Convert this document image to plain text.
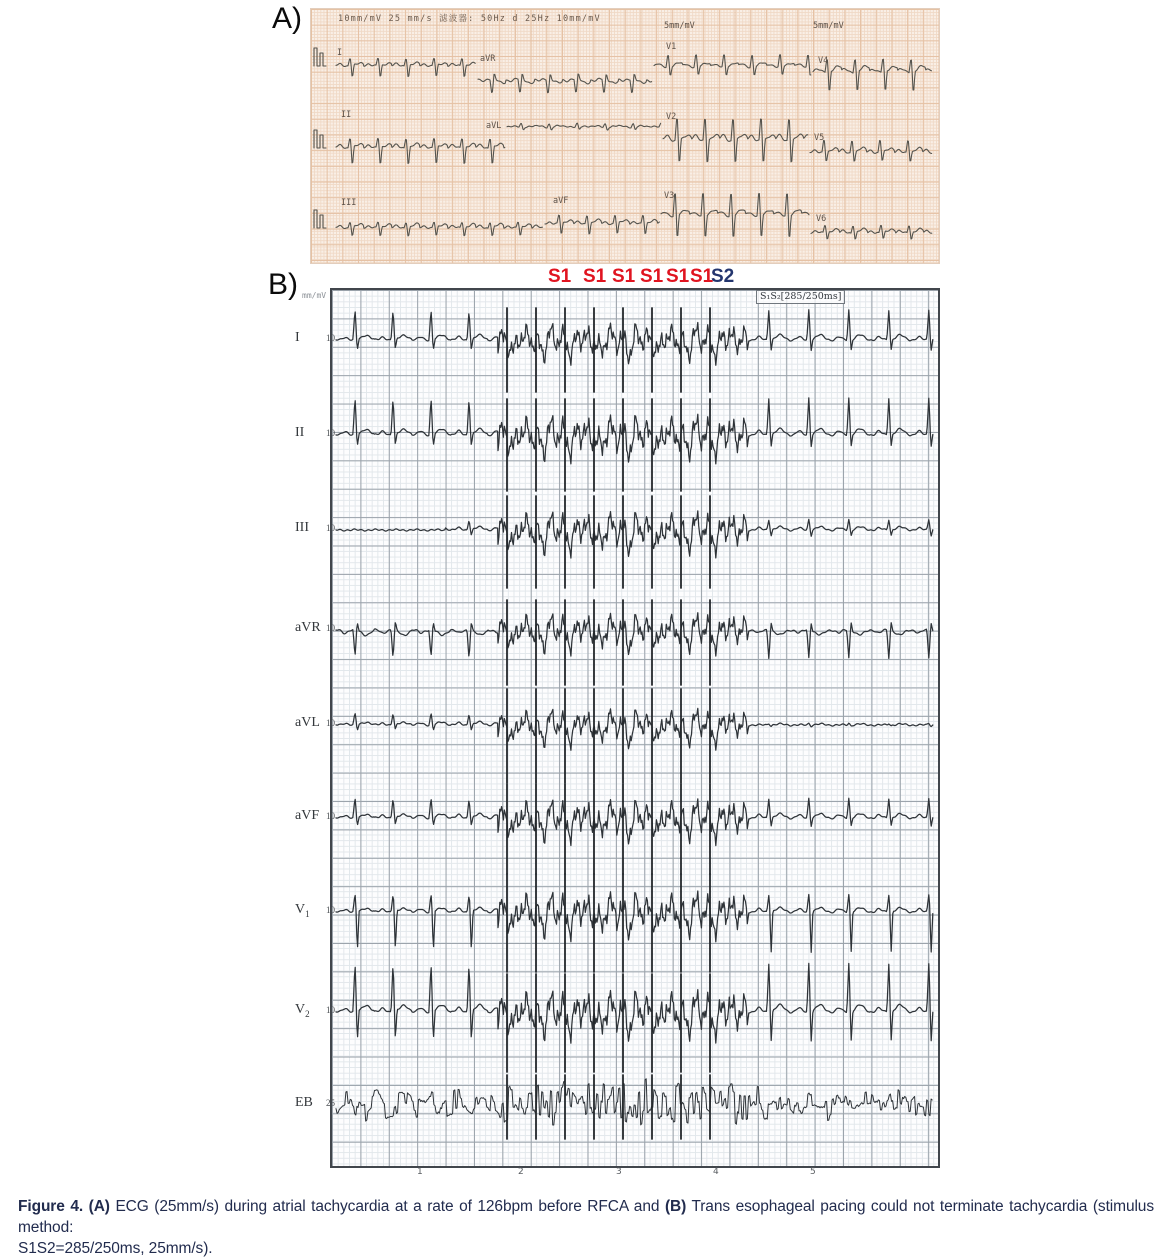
A)	10mm/mV 25 mm/s 滤波器: 50Hz d 25Hz 10mm/mV
5mm/mV	5mm/mV
I
aVR
V1
V4
II
aVL
V2
V5
III	aVF	V3
V6
B) mm/mV
S1 S1 S1 S1 S1 S1
S2
S₁S₂[285/250ms]
I	10
II 10
III 10
aVR 10
aVL 10
aVF 10
$V_1$ 10
$V_2$ 10
EB 25
1	2	3	4	5
Figure 4. (A) ECG (25mm/s) during atrial tachycardia at a rate of 126bpm before RFCA and (B) Trans esophageal pacing could not terminate tachycardia (stimulus method:
S1S2=285/250ms, 25mm/s).
